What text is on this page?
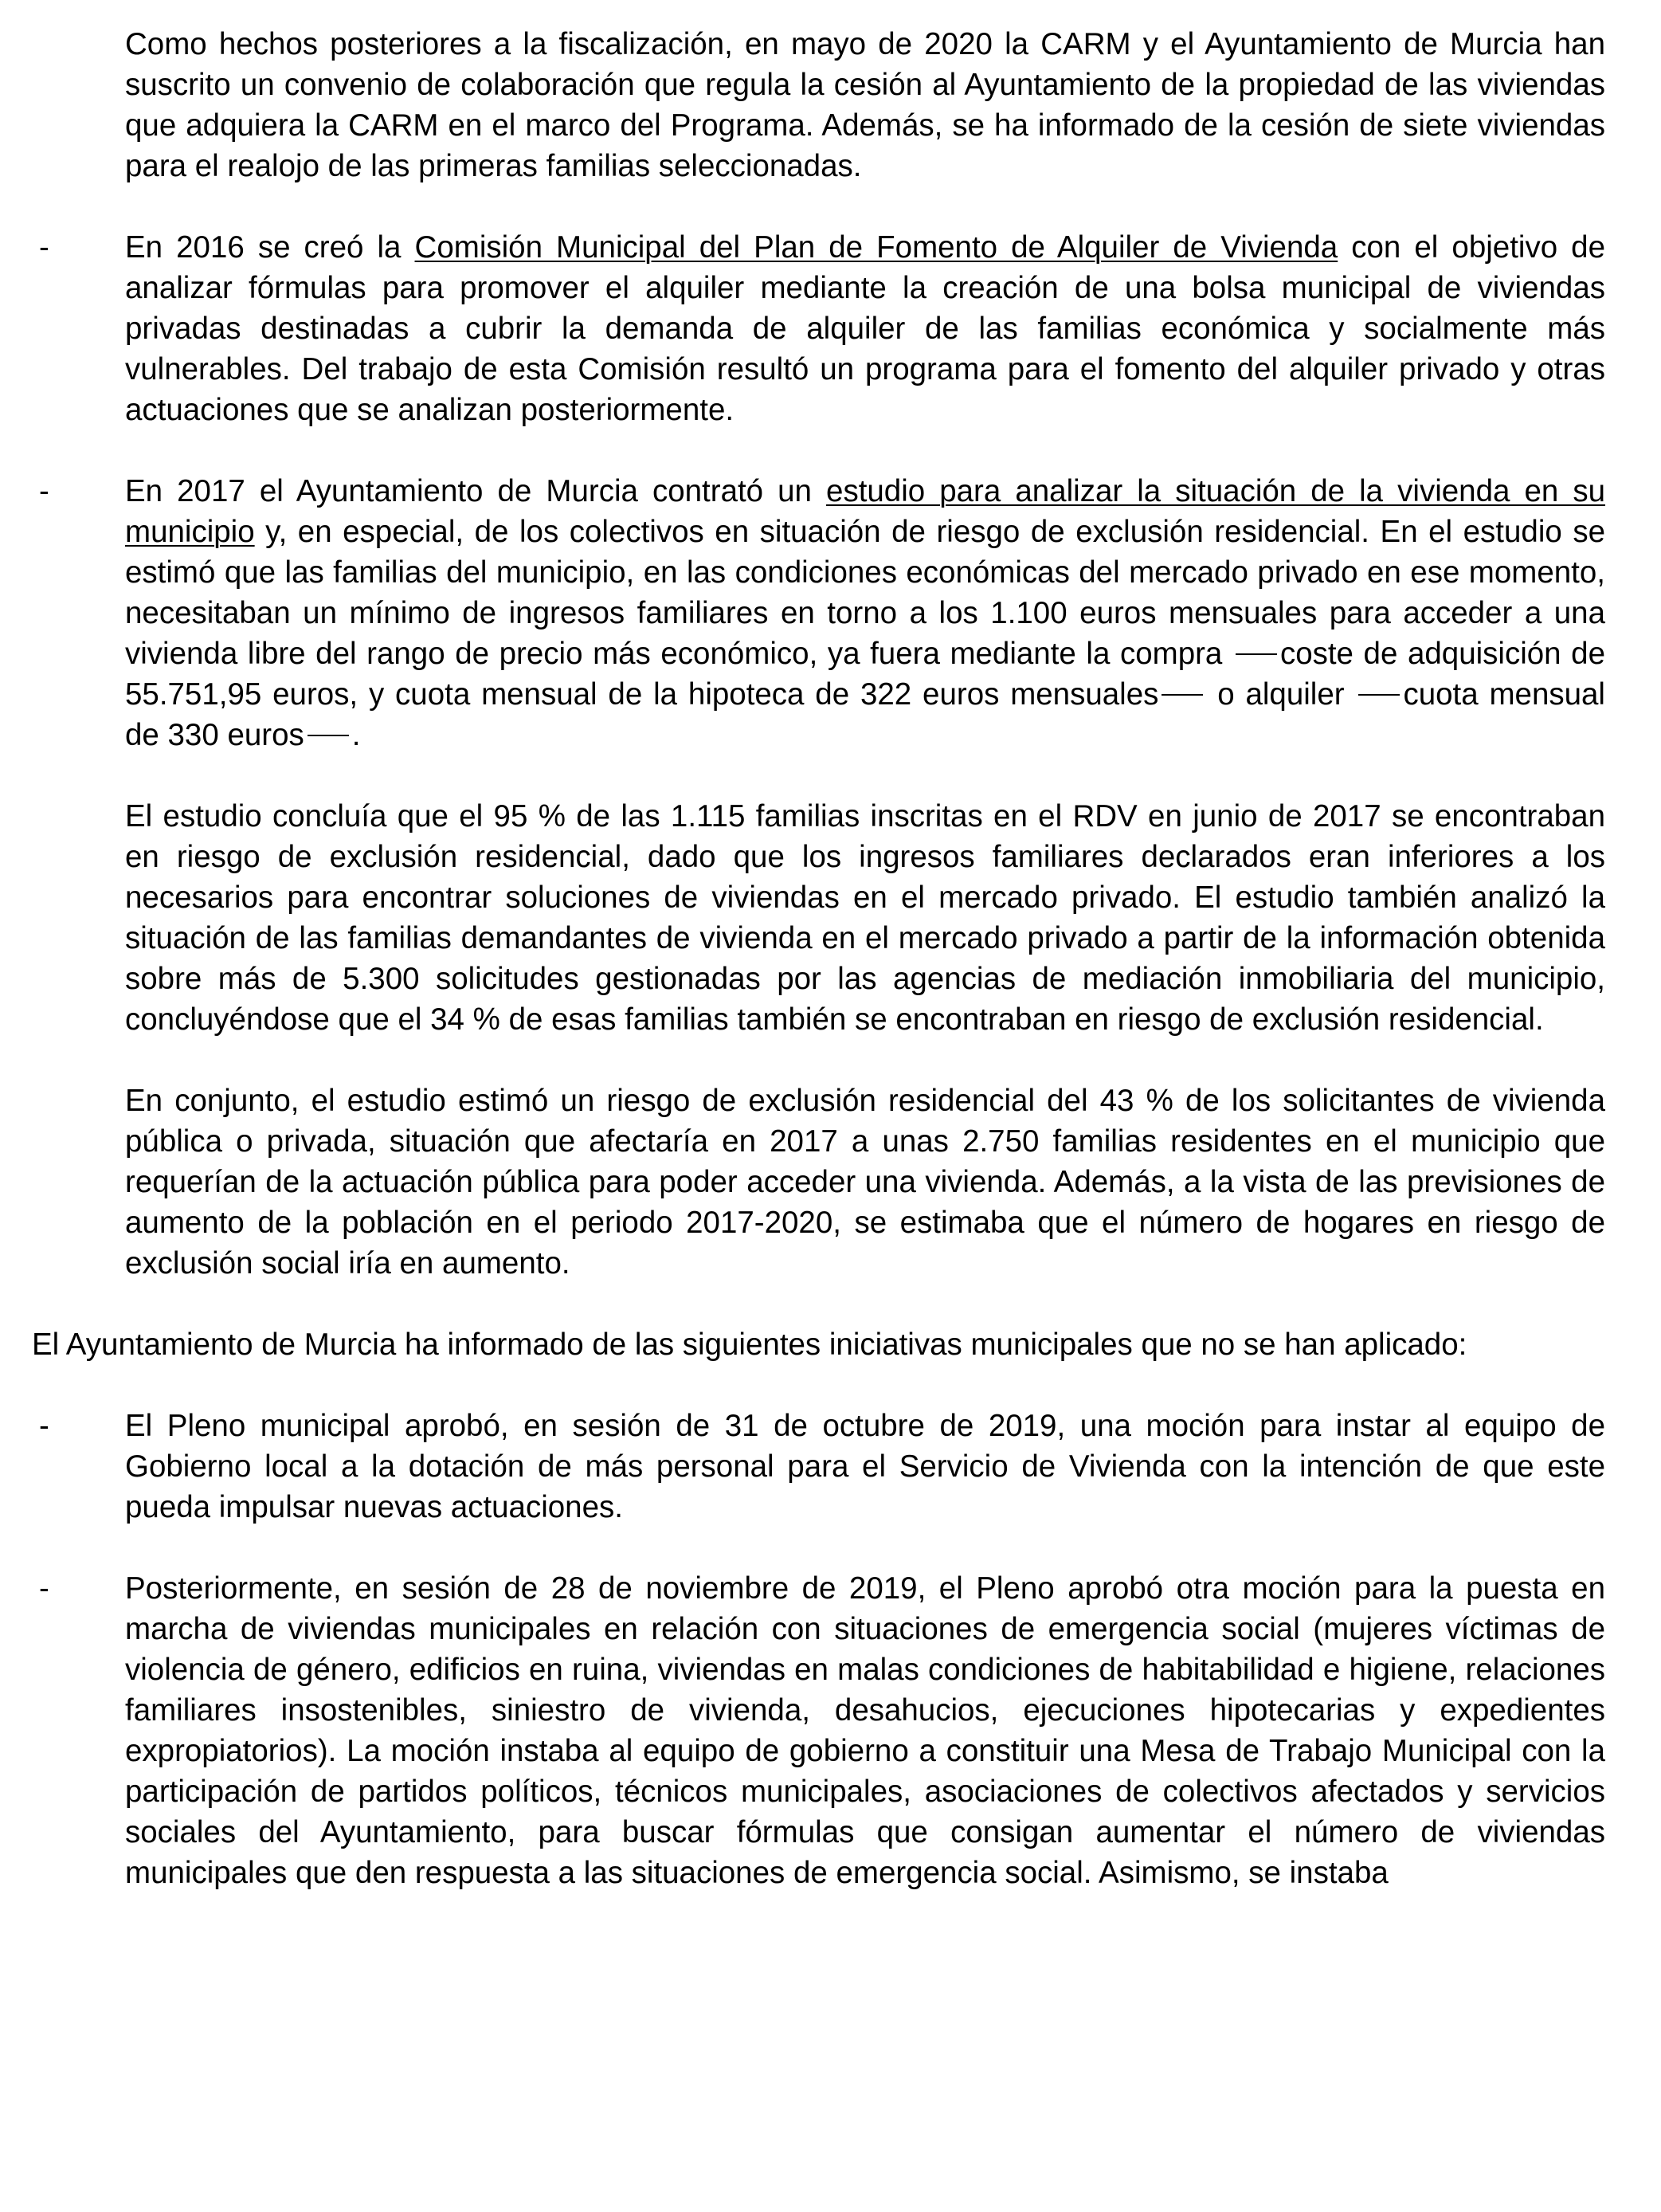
Como hechos posteriores a la fiscalización, en mayo de 2020 la CARM y el Ayuntamiento de Murcia han suscrito un convenio de colaboración que regula la cesión al Ayuntamiento de la propiedad de las viviendas que adquiera la CARM en el marco del Programa. Además, se ha informado de la cesión de siete viviendas para el realojo de las primeras familias seleccionadas.

- En 2016 se creó la Comisión Municipal del Plan de Fomento de Alquiler de Vivienda con el objetivo de analizar fórmulas para promover el alquiler mediante la creación de una bolsa municipal de viviendas privadas destinadas a cubrir la demanda de alquiler de las familias económica y socialmente más vulnerables. Del trabajo de esta Comisión resultó un programa para el fomento del alquiler privado y otras actuaciones que se analizan posteriormente.

- En 2017 el Ayuntamiento de Murcia contrató un estudio para analizar la situación de la vivienda en su municipio y, en especial, de los colectivos en situación de riesgo de exclusión residencial. En el estudio se estimó que las familias del municipio, en las condiciones económicas del mercado privado en ese momento, necesitaban un mínimo de ingresos familiares en torno a los 1.100 euros mensuales para acceder a una vivienda libre del rango de precio más económico, ya fuera mediante la compra coste de adquisición de 55.751,95 euros, y cuota mensual de la hipoteca de 322 euros mensuales o alquiler cuota mensual de 330 euros .

El estudio concluía que el 95 % de las 1.115 familias inscritas en el RDV en junio de 2017 se encontraban en riesgo de exclusión residencial, dado que los ingresos familiares declarados eran inferiores a los necesarios para encontrar soluciones de viviendas en el mercado privado. El estudio también analizó la situación de las familias demandantes de vivienda en el mercado privado a partir de la información obtenida sobre más de 5.300 solicitudes gestionadas por las agencias de mediación inmobiliaria del municipio, concluyéndose que el 34 % de esas familias también se encontraban en riesgo de exclusión residencial.

En conjunto, el estudio estimó un riesgo de exclusión residencial del 43 % de los solicitantes de vivienda pública o privada, situación que afectaría en 2017 a unas 2.750 familias residentes en el municipio que requerían de la actuación pública para poder acceder una vivienda. Además, a la vista de las previsiones de aumento de la población en el periodo 2017-2020, se estimaba que el número de hogares en riesgo de exclusión social iría en aumento.

El Ayuntamiento de Murcia ha informado de las siguientes iniciativas municipales que no se han aplicado:

- El Pleno municipal aprobó, en sesión de 31 de octubre de 2019, una moción para instar al equipo de Gobierno local a la dotación de más personal para el Servicio de Vivienda con la intención de que este pueda impulsar nuevas actuaciones.

- Posteriormente, en sesión de 28 de noviembre de 2019, el Pleno aprobó otra moción para la puesta en marcha de viviendas municipales en relación con situaciones de emergencia social (mujeres víctimas de violencia de género, edificios en ruina, viviendas en malas condiciones de habitabilidad e higiene, relaciones familiares insostenibles, siniestro de vivienda, desahucios, ejecuciones hipotecarias y expedientes expropiatorios). La moción instaba al equipo de gobierno a constituir una Mesa de Trabajo Municipal con la participación de partidos políticos, técnicos municipales, asociaciones de colectivos afectados y servicios sociales del Ayuntamiento, para buscar fórmulas que consigan aumentar el número de viviendas municipales que den respuesta a las situaciones de emergencia social. Asimismo, se instaba
